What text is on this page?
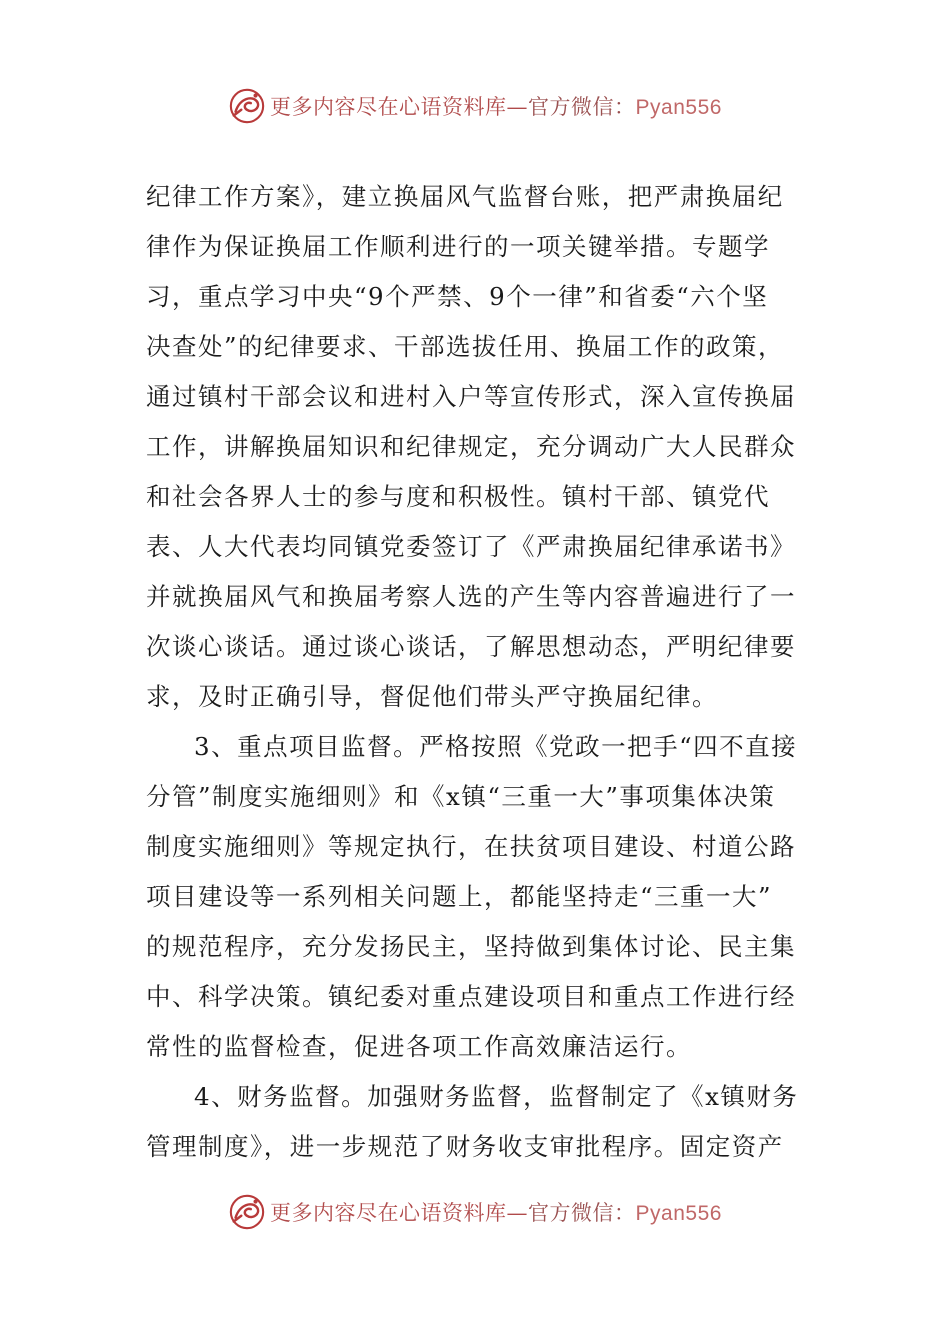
更多内容尽在心语资料库—官方微信：Pyan556
纪律工作方案》，建立换届风气监督台账，把严肃换届纪
律作为保证换届工作顺利进行的一项关键举措。专题学
习，重点学习中央“9个严禁、9个一律”和省委“六个坚
决查处”的纪律要求、干部选拔任用、换届工作的政策，
通过镇村干部会议和进村入户等宣传形式，深入宣传换届
工作，讲解换届知识和纪律规定，充分调动广大人民群众
和社会各界人士的参与度和积极性。镇村干部、镇党代
表、人大代表均同镇党委签订了《严肃换届纪律承诺书》
并就换届风气和换届考察人选的产生等内容普遍进行了一
次谈心谈话。通过谈心谈话，了解思想动态，严明纪律要
求，及时正确引导，督促他们带头严守换届纪律。
3、重点项目监督。严格按照《党政一把手“四不直接
分管”制度实施细则》和《x镇“三重一大”事项集体决策
制度实施细则》等规定执行，在扶贫项目建设、村道公路
项目建设等一系列相关问题上，都能坚持走“三重一大”
的规范程序，充分发扬民主，坚持做到集体讨论、民主集
中、科学决策。镇纪委对重点建设项目和重点工作进行经
常性的监督检查，促进各项工作高效廉洁运行。
4、财务监督。加强财务监督，监督制定了《x镇财务
管理制度》，进一步规范了财务收支审批程序。固定资产
更多内容尽在心语资料库—官方微信：Pyan556
